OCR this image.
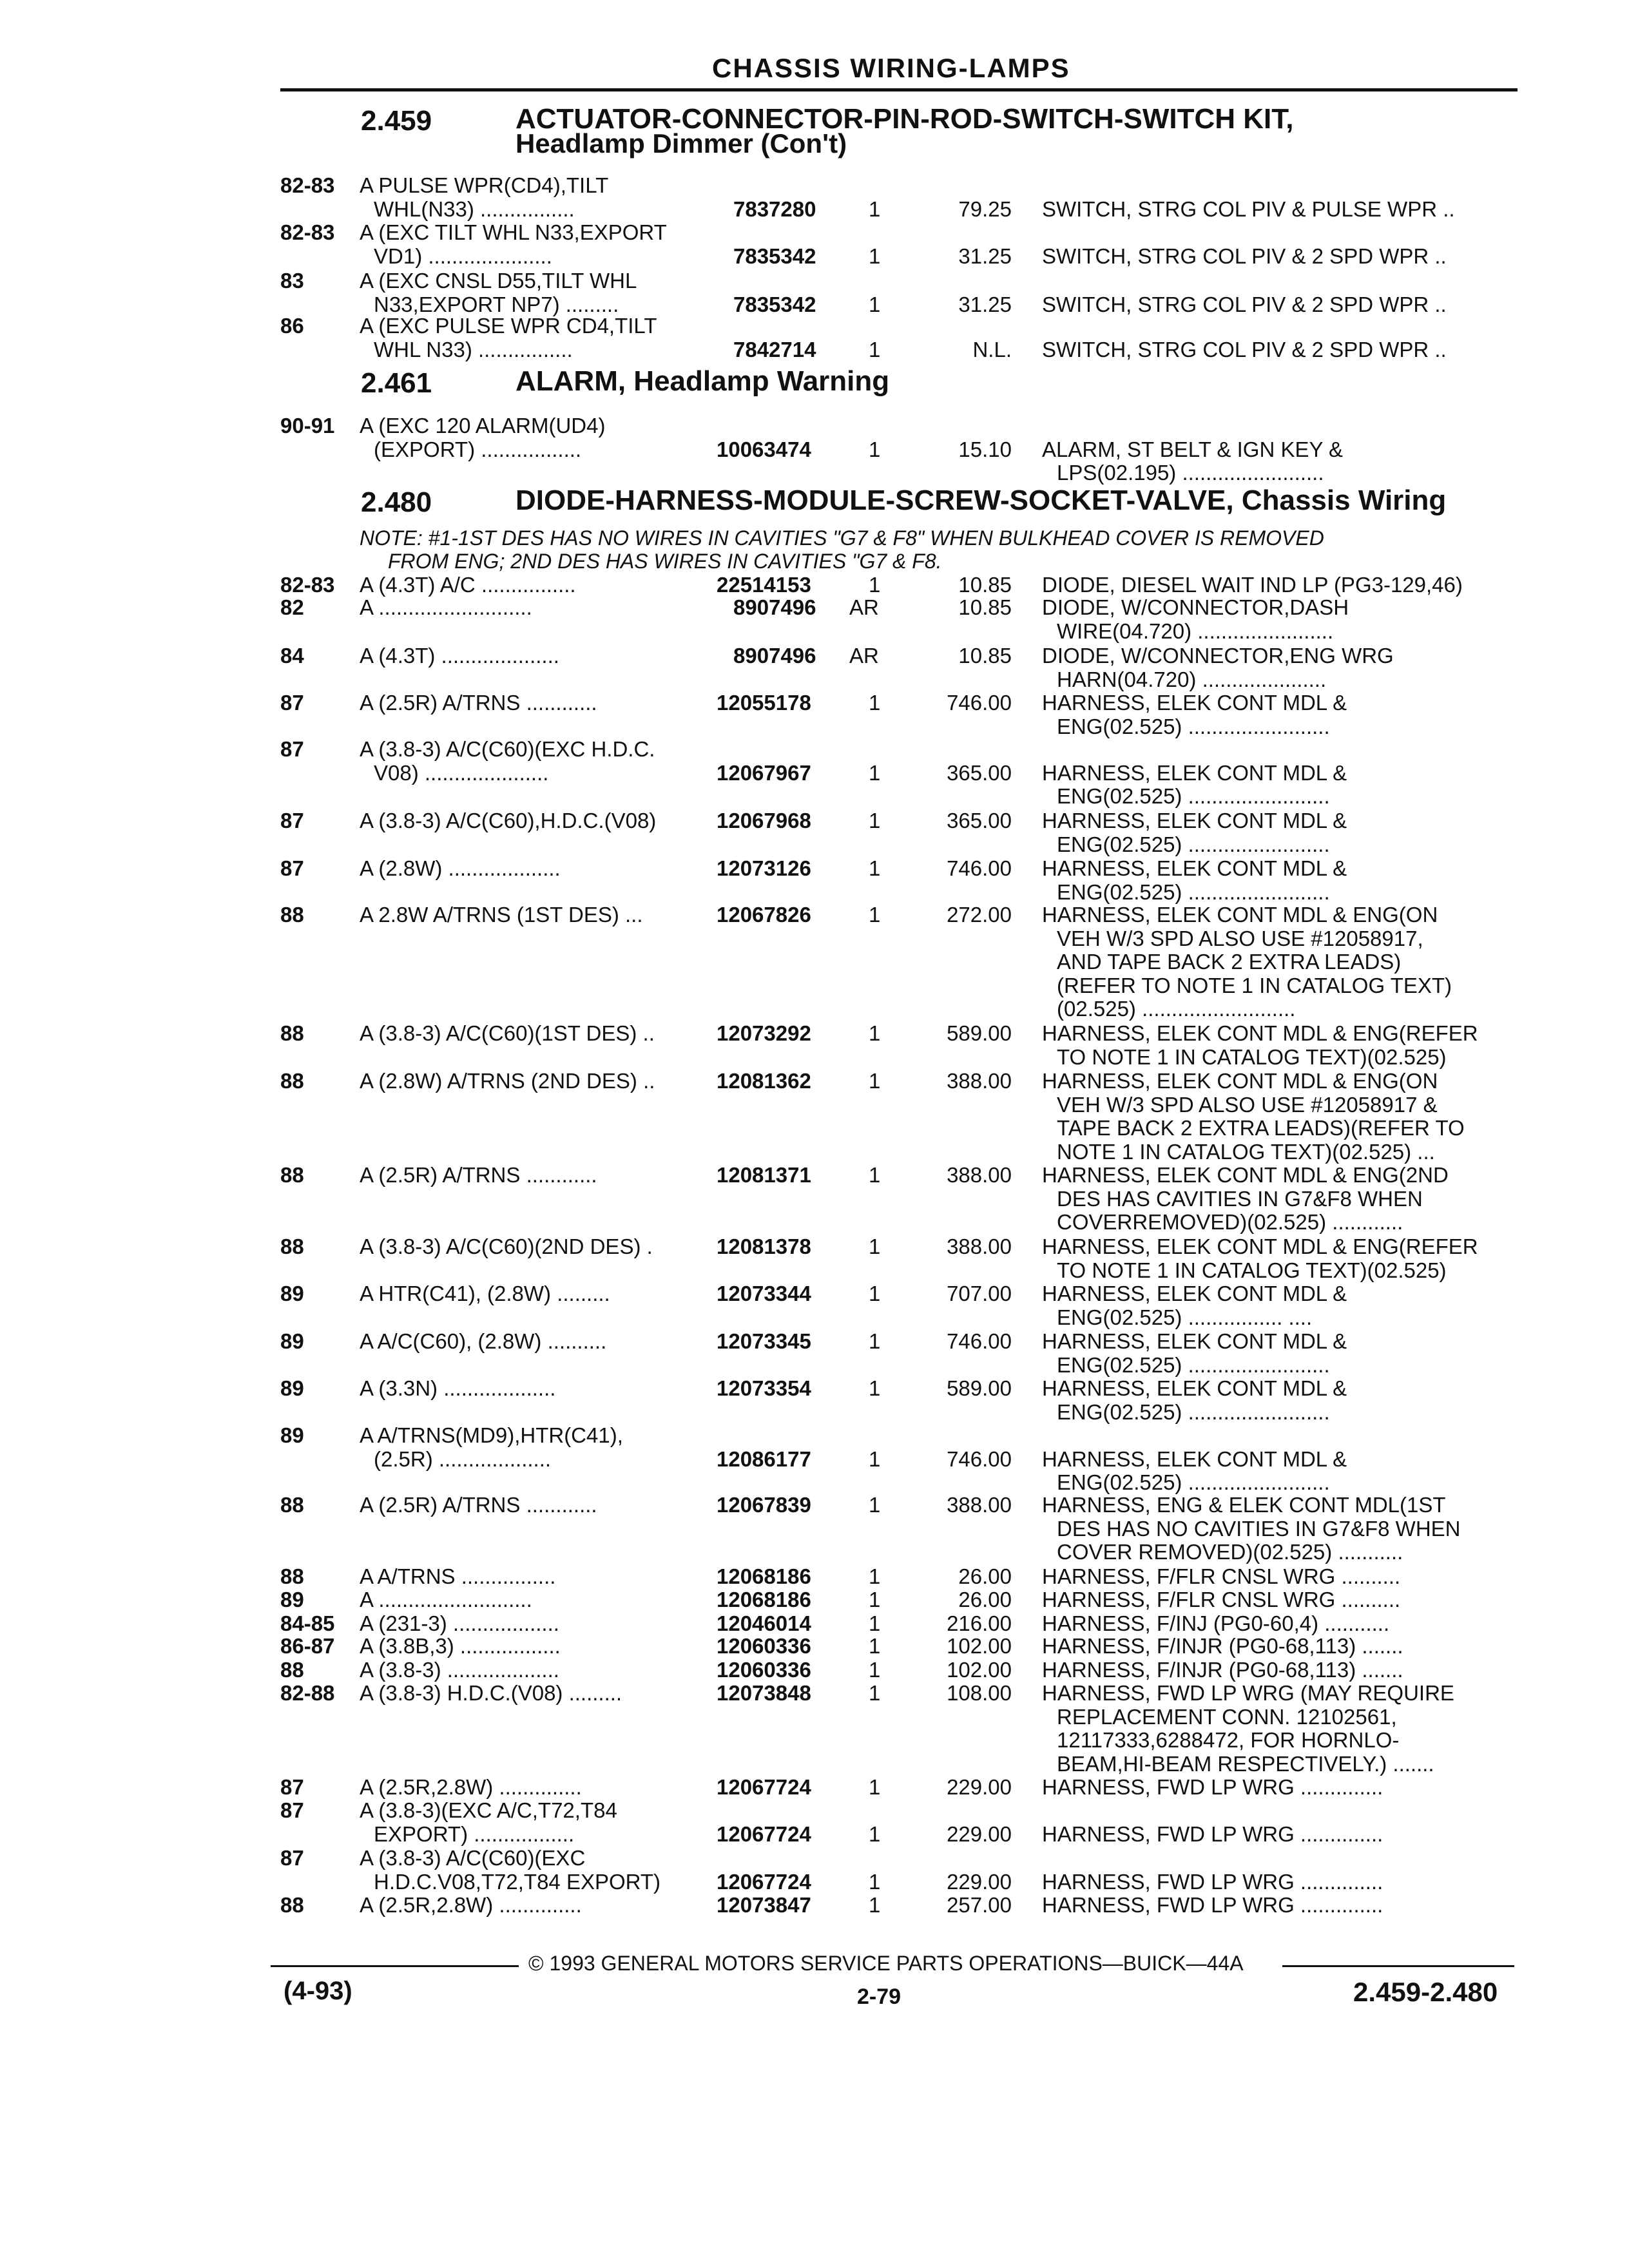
CHASSIS WIRING-LAMPS
2.459	ACTUATOR-CONNECTOR-PIN-ROD-SWITCH-SWITCH KIT,
Headlamp Dimmer (Con't)
82-83 A PULSE WPR(CD4),TILT
WHL(N33) ................	7837280 1	79.25 SWITCH, STRG COL PIV & PULSE WPR ..
82-83 A (EXC TILT WHL N33,EXPORT
VD1) .....................	7835342 1	31.25 SWITCH, STRG COL PIV & 2 SPD WPR ..
83	A (EXC CNSL D55,TILT WHL
N33,EXPORT NP7) .........	7835342 1	31.25 SWITCH, STRG COL PIV & 2 SPD WPR ..
86	A (EXC PULSE WPR CD4,TILT
WHL N33) ................	7842714 1	N.L. SWITCH, STRG COL PIV & 2 SPD WPR ..
2.461	ALARM, Headlamp Warning
90-91 A (EXC 120 ALARM(UD4)
(EXPORT) .................	10063474	1	15.10 ALARM, ST BELT & IGN KEY &
LPS(02.195) ........................
2.480	DIODE-HARNESS-MODULE-SCREW-SOCKET-VALVE, Chassis Wiring
NOTE: #1-1ST DES HAS NO WIRES IN CAVITIES "G7 & F8" WHEN BULKHEAD COVER IS REMOVED
FROM ENG; 2ND DES HAS WIRES IN CAVITIES "G7 & F8.
82-83 A (4.3T) A/C ................	22514153	1	10.85 DIODE, DIESEL WAIT IND LP (PG3-129,46)
82	A ..........................	8907496 AR	10.85 DIODE, W/CONNECTOR,DASH
WIRE(04.720) .......................
84	A (4.3T) ....................	8907496 AR	10.85 DIODE, W/CONNECTOR,ENG WRG
HARN(04.720) .....................
87	A (2.5R) A/TRNS ............	12055178	1	746.00 HARNESS, ELEK CONT MDL &
ENG(02.525) ........................
87	A (3.8-3) A/C(C60)(EXC H.D.C.
V08) .....................	12067967	1	365.00 HARNESS, ELEK CONT MDL &
ENG(02.525) ........................
87	A (3.8-3) A/C(C60),H.D.C.(V08)	12067968	1	365.00 HARNESS, ELEK CONT MDL &
ENG(02.525) ........................
87	A (2.8W) ...................	12073126	1	746.00 HARNESS, ELEK CONT MDL &
ENG(02.525) ........................
88	A 2.8W A/TRNS (1ST DES) ...	12067826	1	272.00 HARNESS, ELEK CONT MDL & ENG(ON
VEH W/3 SPD ALSO USE #12058917,
AND TAPE BACK 2 EXTRA LEADS)
(REFER TO NOTE 1 IN CATALOG TEXT)
(02.525) ..........................
88	A (3.8-3) A/C(C60)(1ST DES) ..	12073292	1	589.00 HARNESS, ELEK CONT MDL & ENG(REFER
TO NOTE 1 IN CATALOG TEXT)(02.525)
88	A (2.8W) A/TRNS (2ND DES) ..	12081362	1	388.00 HARNESS, ELEK CONT MDL & ENG(ON
VEH W/3 SPD ALSO USE #12058917 &
TAPE BACK 2 EXTRA LEADS)(REFER TO
NOTE 1 IN CATALOG TEXT)(02.525) ...
88	A (2.5R) A/TRNS ............	12081371	1	388.00 HARNESS, ELEK CONT MDL & ENG(2ND
DES HAS CAVITIES IN G7&F8 WHEN
COVERREMOVED)(02.525) ............
88	A (3.8-3) A/C(C60)(2ND DES) .	12081378	1	388.00 HARNESS, ELEK CONT MDL & ENG(REFER
TO NOTE 1 IN CATALOG TEXT)(02.525)
89	A HTR(C41), (2.8W) .........	12073344	1	707.00 HARNESS, ELEK CONT MDL &
ENG(02.525) ................ ....
89	A A/C(C60), (2.8W) ..........	12073345	1	746.00 HARNESS, ELEK CONT MDL &
ENG(02.525) ........................
89	A (3.3N) ...................	12073354	1	589.00 HARNESS, ELEK CONT MDL &
ENG(02.525) ........................
89	A A/TRNS(MD9),HTR(C41),
(2.5R) ...................	12086177	1	746.00 HARNESS, ELEK CONT MDL &
ENG(02.525) ........................
88	A (2.5R) A/TRNS ............	12067839	1	388.00 HARNESS, ENG & ELEK CONT MDL(1ST
DES HAS NO CAVITIES IN G7&F8 WHEN
COVER REMOVED)(02.525) ...........
88	A A/TRNS ................	12068186	1	26.00 HARNESS, F/FLR CNSL WRG ..........
89	A ..........................	12068186	1	26.00 HARNESS, F/FLR CNSL WRG ..........
84-85 A (231-3) ..................	12046014	1	216.00 HARNESS, F/INJ (PG0-60,4) ...........
86-87 A (3.8B,3) .................	12060336	1	102.00 HARNESS, F/INJR (PG0-68,113) .......
88	A (3.8-3) ...................	12060336	1	102.00 HARNESS, F/INJR (PG0-68,113) .......
82-88 A (3.8-3) H.D.C.(V08) .........	12073848	1	108.00 HARNESS, FWD LP WRG (MAY REQUIRE
REPLACEMENT CONN. 12102561,
12117333,6288472, FOR HORNLO-
BEAM,HI-BEAM RESPECTIVELY.) .......
87	A (2.5R,2.8W) ..............	12067724	1	229.00 HARNESS, FWD LP WRG ..............
87	A (3.8-3)(EXC A/C,T72,T84
EXPORT) .................	12067724	1	229.00 HARNESS, FWD LP WRG ..............
87	A (3.8-3) A/C(C60)(EXC
H.D.C.V08,T72,T84 EXPORT)	12067724	1	229.00 HARNESS, FWD LP WRG ..............
88	A (2.5R,2.8W) ..............	12073847	1	257.00 HARNESS, FWD LP WRG ..............
© 1993 GENERAL MOTORS SERVICE PARTS OPERATIONS—BUICK—44A
(4-93)	2-79	2.459-2.480
